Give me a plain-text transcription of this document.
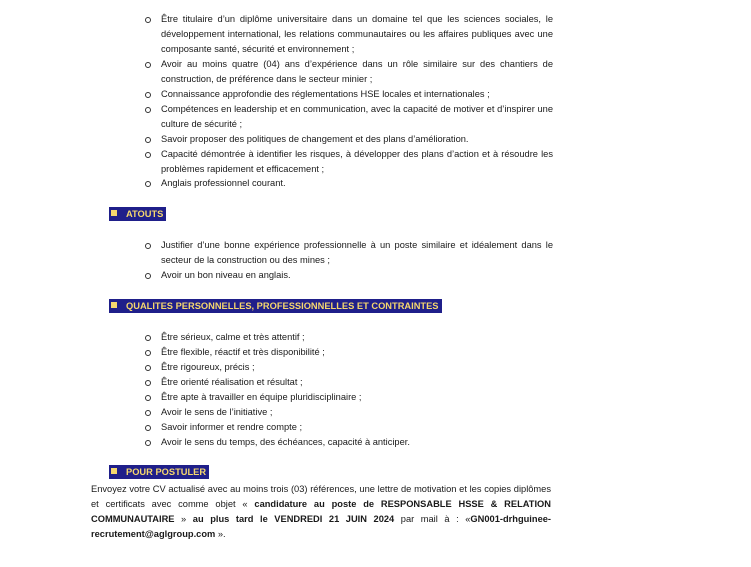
Être titulaire d’un diplôme universitaire dans un domaine tel que les sciences sociales, le développement international, les relations communautaires ou les affaires publiques avec une composante santé, sécurité et environnement ;
Avoir au moins quatre (04) ans d’expérience dans un rôle similaire sur des chantiers de construction, de préférence dans le secteur minier ;
Connaissance approfondie des réglementations HSE locales et internationales ;
Compétences en leadership et en communication, avec la capacité de motiver et d’inspirer une culture de sécurité ;
Savoir proposer des politiques de changement et des plans d’amélioration.
Capacité démontrée à identifier les risques, à développer des plans d’action et à résoudre les problèmes rapidement et efficacement ;
Anglais professionnel courant.
ATOUTS
Justifier d’une bonne expérience professionnelle à un poste similaire et idéalement dans le secteur de la construction ou des mines ;
Avoir un bon niveau en anglais.
QUALITES PERSONNELLES, PROFESSIONNELLES ET CONTRAINTES
Être sérieux, calme et très attentif ;
Être flexible, réactif et très disponibilité ;
Être rigoureux, précis ;
Être orienté réalisation et résultat ;
Être apte à travailler en équipe pluridisciplinaire ;
Avoir le sens de l’initiative ;
Savoir informer et rendre compte ;
Avoir le sens du temps, des échéances, capacité à anticiper.
POUR POSTULER

Envoyez votre CV actualisé avec au moins trois (03) références, une lettre de motivation et les copies diplômes et certificats avec comme objet « candidature au poste de RESPONSABLE HSSE & RELATION COMMUNAUTAIRE » au plus tard le VENDREDI 21 JUIN 2024 par mail à : «GN001-drhguinee-recrutement@aglgroup.com ».
